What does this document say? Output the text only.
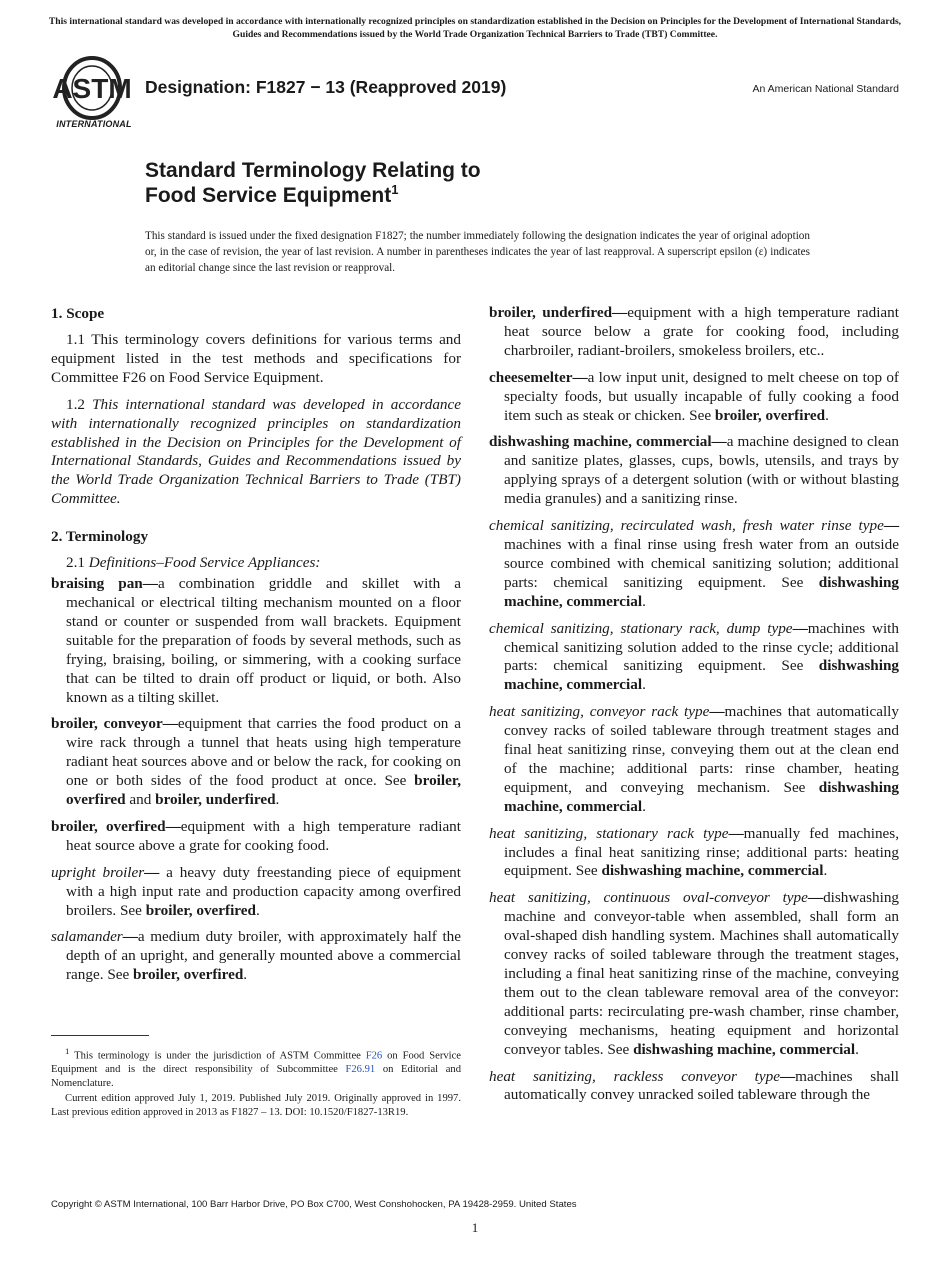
This international standard was developed in accordance with internationally recognized principles on standardization established in the Decision on Principles for the Development of International Standards, Guides and Recommendations issued by the World Trade Organization Technical Barriers to Trade (TBT) Committee.
ASTM
INTERNATIONAL
Designation: F1827 − 13 (Reapproved 2019)	An American National Standard
Standard Terminology Relating to
Food Service Equipment$^1$
This standard is issued under the fixed designation F1827; the number immediately following the designation indicates the year of original adoption or, in the case of revision, the year of last revision. A number in parentheses indicates the year of last reapproval. A superscript epsilon (ε) indicates an editorial change since the last revision or reapproval.
1. Scope

1.1 This terminology covers definitions for various terms and equipment listed in the test methods and specifications for Committee F26 on Food Service Equipment.

1.2 This international standard was developed in accordance with internationally recognized principles on standardization established in the Decision on Principles for the Development of International Standards, Guides and Recommendations issued by the World Trade Organization Technical Barriers to Trade (TBT) Committee.

2. Terminology

2.1 Definitions–Food Service Appliances:

braising pan—a combination griddle and skillet with a mechanical or electrical tilting mechanism mounted on a floor stand or counter or suspended from wall brackets. Equipment suitable for the preparation of foods by several methods, such as frying, braising, boiling, or simmering, with a cooking surface that can be tilted to drain off product or liquid, or both. Also known as a tilting skillet.

broiler, conveyor—equipment that carries the food product on a wire rack through a tunnel that heats using high temperature radiant heat sources above and or below the rack, for cooking on one or both sides of the food product at once. See broiler, overfired and broiler, underfired.

broiler, overfired—equipment with a high temperature radiant heat source above a grate for cooking food.

upright broiler— a heavy duty freestanding piece of equipment with a high input rate and production capacity among overfired broilers. See broiler, overfired.

salamander—a medium duty broiler, with approximately half the depth of an upright, and generally mounted above a commercial range. See broiler, overfired.

broiler, underfired—equipment with a high temperature radiant heat source below a grate for cooking food, including charbroiler, radiant-broilers, smokeless broilers, etc..

cheesemelter—a low input unit, designed to melt cheese on top of specialty foods, but usually incapable of fully cooking a food item such as steak or chicken. See broiler, overfired.

dishwashing machine, commercial—a machine designed to clean and sanitize plates, glasses, cups, bowls, utensils, and trays by applying sprays of a detergent solution (with or without blasting media granules) and a sanitizing rinse.

chemical sanitizing, recirculated wash, fresh water rinse type—machines with a final rinse using fresh water from an outside source combined with chemical sanitizing solution; additional parts: chemical sanitizing equipment. See dishwashing machine, commercial.

chemical sanitizing, stationary rack, dump type—machines with chemical sanitizing solution added to the rinse cycle; additional parts: chemical sanitizing equipment. See dishwashing machine, commercial.

heat sanitizing, conveyor rack type—machines that automatically convey racks of soiled tableware through treatment stages and final heat sanitizing rinse, conveying them out at the clean end of the machine; additional parts: rinse chamber, heating equipment, and conveying mechanism. See dishwashing machine, commercial.

heat sanitizing, stationary rack type—manually fed machines, includes a final heat sanitizing rinse; additional parts: heating equipment. See dishwashing machine, commercial.

heat sanitizing, continuous oval-conveyor type—dishwashing machine and conveyor-table when assembled, shall form an oval-shaped dish handling system. Machines shall automatically convey racks of soiled tableware through the treatment stages, including a final heat sanitizing rinse of the machine, conveying them out to the clean tableware removal area of the conveyor: additional parts: recirculating pre-wash chamber, rinse chamber, conveying mechanisms, heating equipment and horizontal conveyor tables. See dishwashing machine, commercial.

heat sanitizing, rackless conveyor type—machines shall automatically convey unracked soiled tableware through the

$^1$ This terminology is under the jurisdiction of ASTM Committee F26 on Food Service Equipment and is the direct responsibility of Subcommittee F26.91 on Editorial and Nomenclature.

Current edition approved July 1, 2019. Published July 2019. Originally approved in 1997. Last previous edition approved in 2013 as F1827 – 13. DOI: 10.1520/F1827-13R19.

Copyright © ASTM International, 100 Barr Harbor Drive, PO Box C700, West Conshohocken, PA 19428-2959. United States
1
